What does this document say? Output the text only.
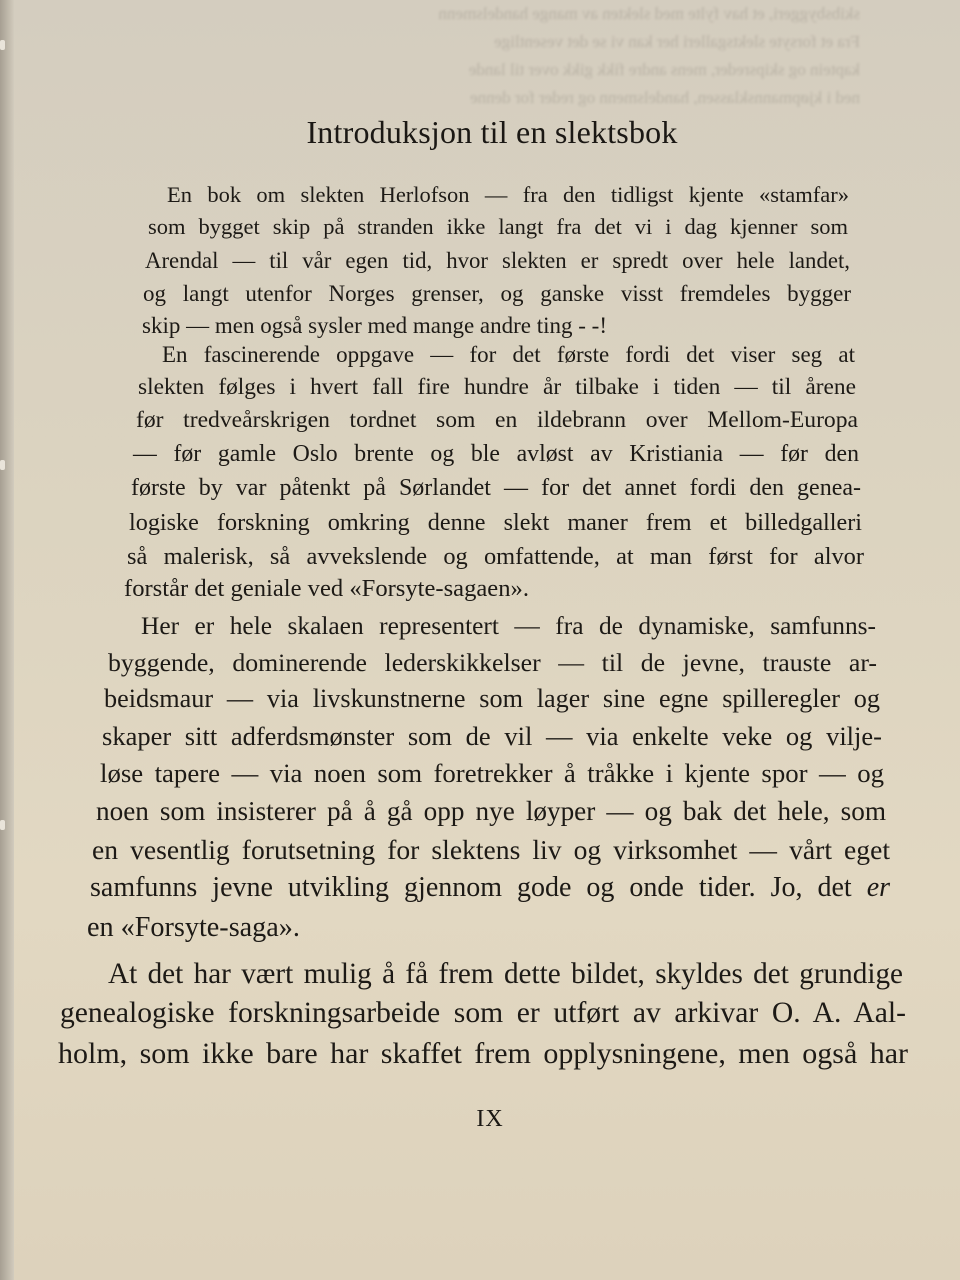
skibsbyggeri, et hav fylte med slekten av mange handelsmenn
Fra et forsyte slektsgalleri her kan vi se det vesentlige
kaptein og skipsreder, mens andre fikk gikk over til lande
ned i kjøpmannsklassen, handelsmenn og reder for denne
Introduksjon til en slektsbok
En bok om slekten Herlofson — fra den tidligst kjente «stamfar»
som bygget skip på stranden ikke langt fra det vi i dag kjenner som
Arendal — til vår egen tid, hvor slekten er spredt over hele landet,
og langt utenfor Norges grenser, og ganske visst fremdeles bygger
skip — men også sysler med mange andre ting - -!
En fascinerende oppgave — for det første fordi det viser seg at
slekten følges i hvert fall fire hundre år tilbake i tiden — til årene
før tredveårskrigen tordnet som en ildebrann over Mellom-Europa
— før gamle Oslo brente og ble avløst av Kristiania — før den
første by var påtenkt på Sørlandet — for det annet fordi den genea-
logiske forskning omkring denne slekt maner frem et billedgalleri
så malerisk, så avvekslende og omfattende, at man først for alvor
forstår det geniale ved «Forsyte-sagaen».
Her er hele skalaen representert — fra de dynamiske, samfunns-
byggende, dominerende lederskikkelser — til de jevne, trauste ar-
beidsmaur — via livskunstnerne som lager sine egne spilleregler og
skaper sitt adferdsmønster som de vil — via enkelte veke og vilje-
løse tapere — via noen som foretrekker å tråkke i kjente spor — og
noen som insisterer på å gå opp nye løyper — og bak det hele, som
en vesentlig forutsetning for slektens liv og virksomhet — vårt eget
samfunns jevne utvikling gjennom gode og onde tider. Jo, det er
en «Forsyte-saga».
At det har vært mulig å få frem dette bildet, skyldes det grundige
genealogiske forskningsarbeide som er utført av arkivar O. A. Aal-
holm, som ikke bare har skaffet frem opplysningene, men også har
IX
